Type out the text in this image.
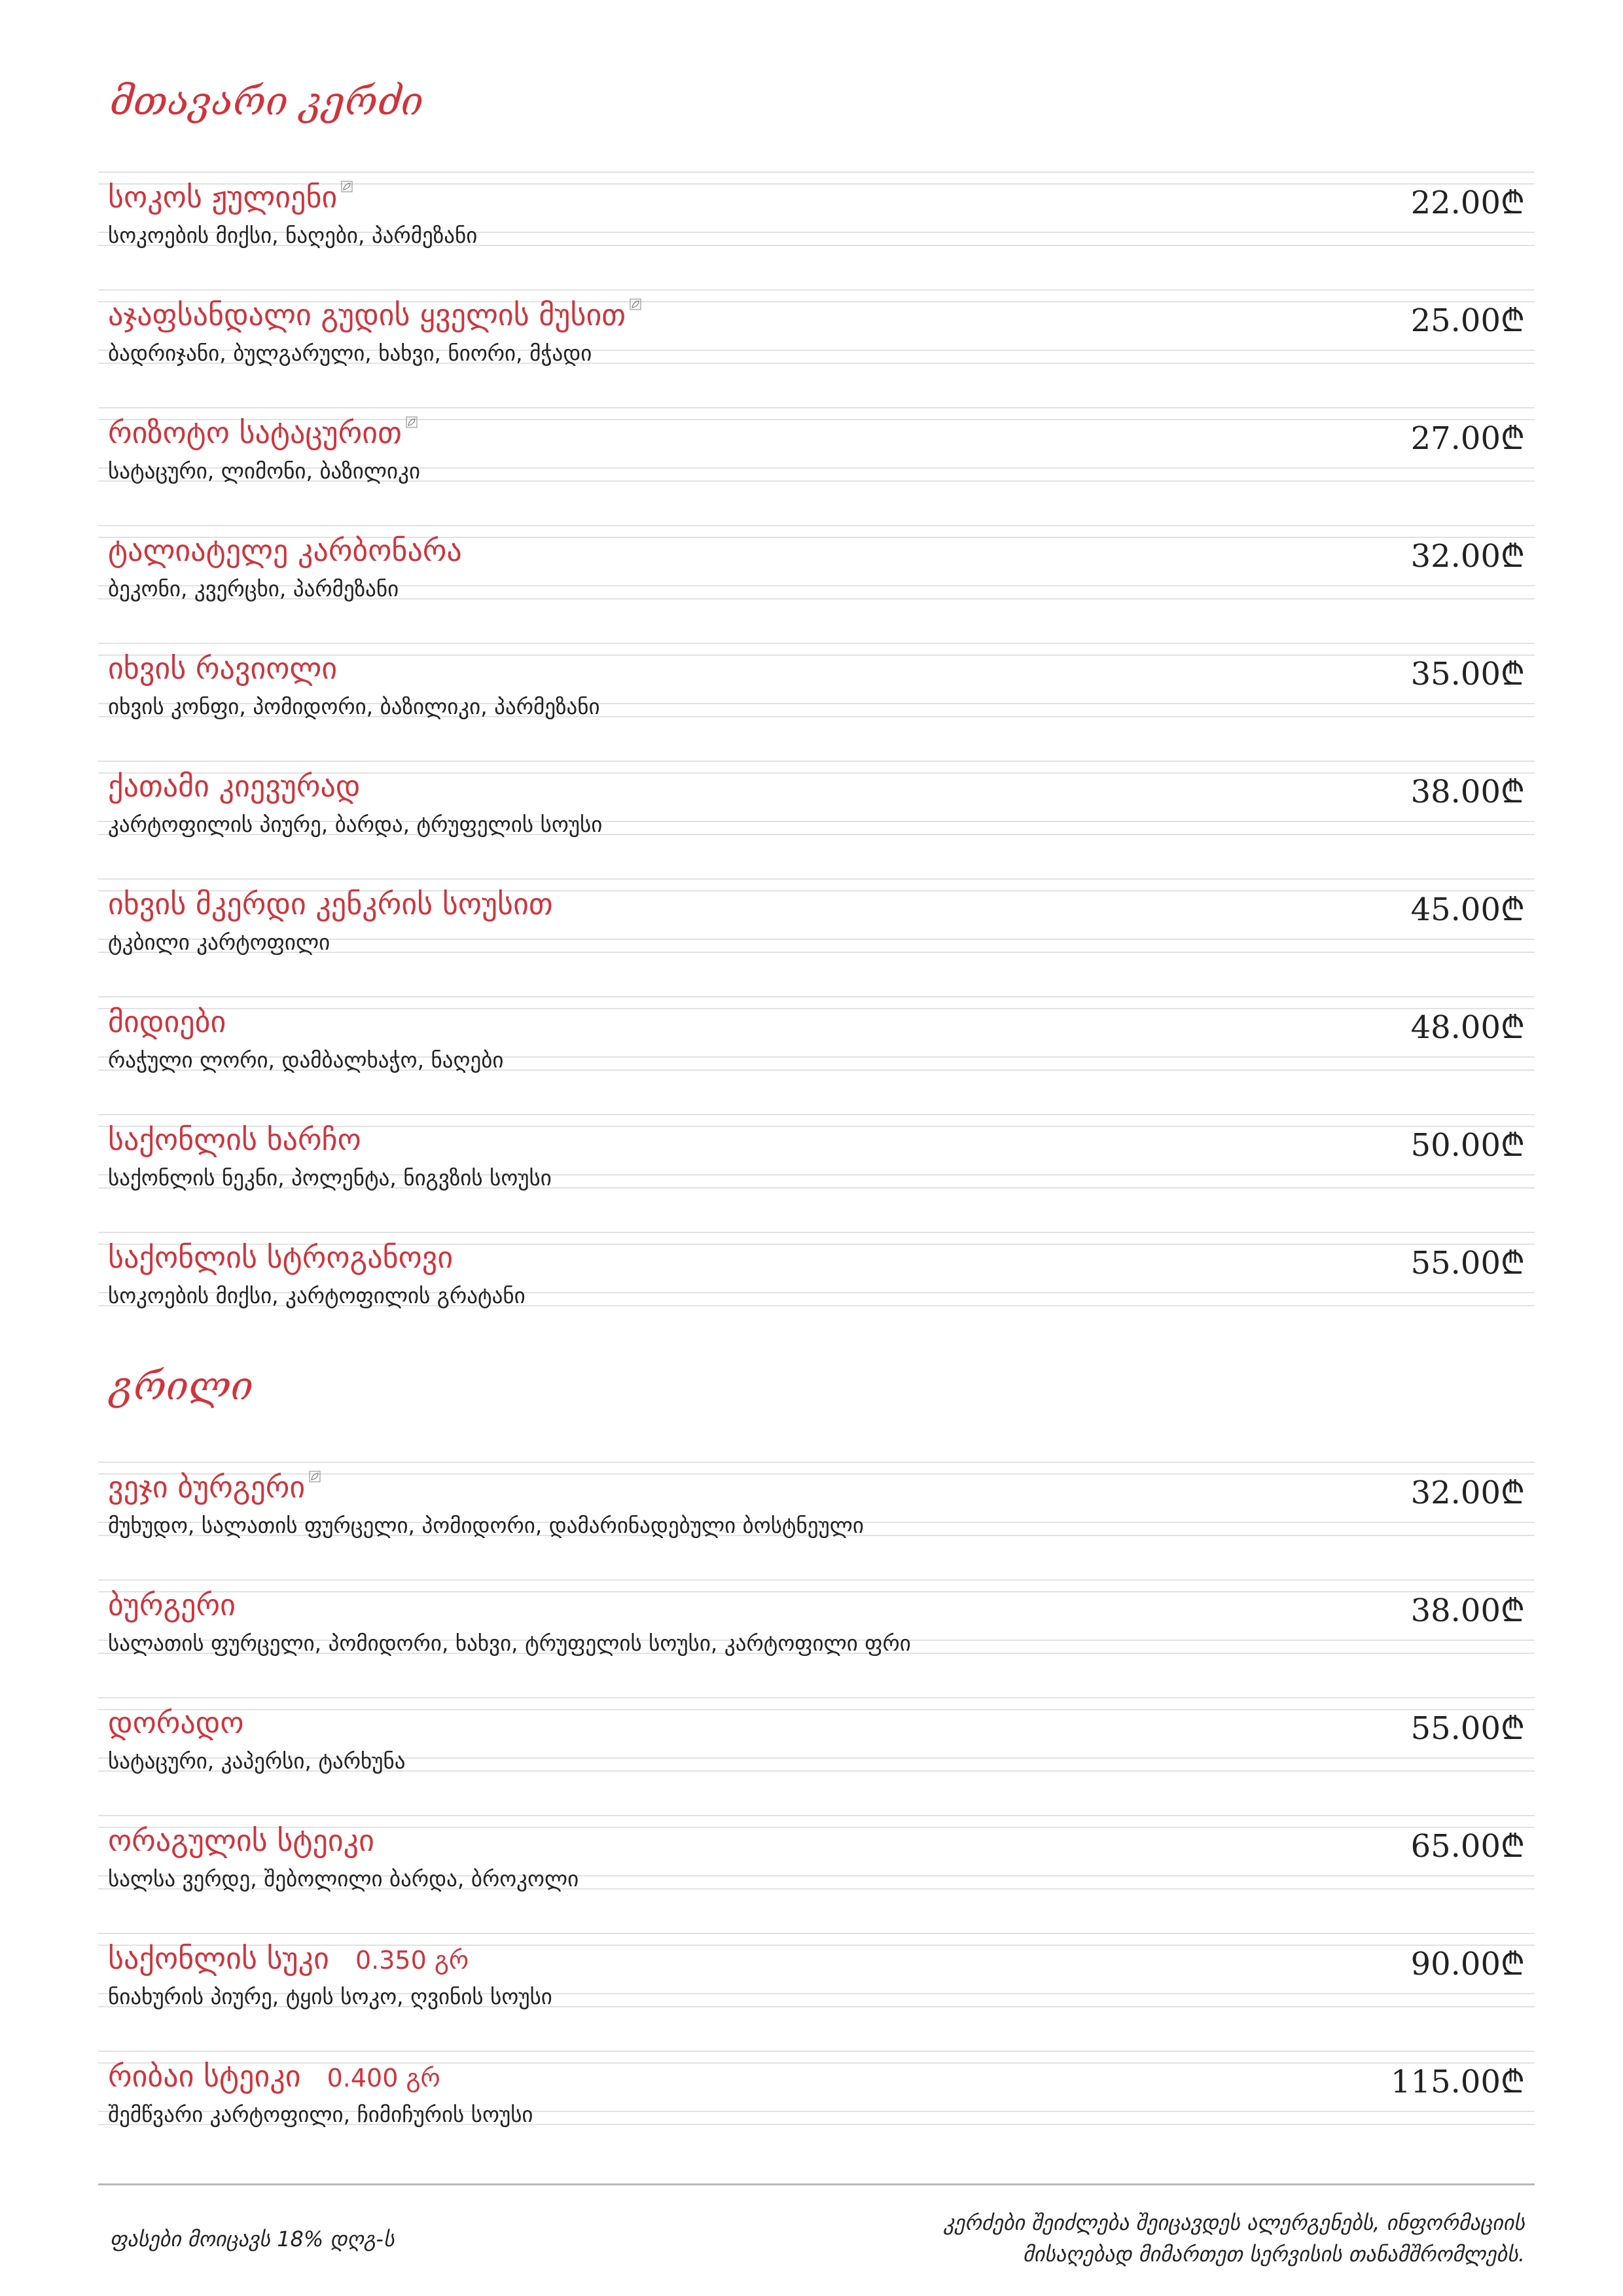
მთავარი კერძი
სოკოს ჟულიენი
სოკოების მიქსი, ნაღები, პარმეზანი
22.00₾
აჯაფსანდალი გუდის ყველის მუსით
ბადრიჯანი, ბულგარული, ხახვი, ნიორი, მჭადი
25.00₾
რიზოტო სატაცურით
სატაცური, ლიმონი, ბაზილიკი
27.00₾
ტალიატელე კარბონარა
ბეკონი, კვერცხი, პარმეზანი
32.00₾
იხვის რავიოლი
იხვის კონფი, პომიდორი, ბაზილიკი, პარმეზანი
35.00₾
ქათამი კიევურად
კარტოფილის პიურე, ბარდა, ტრუფელის სოუსი
38.00₾
იხვის მკერდი კენკრის სოუსით
ტკბილი კარტოფილი
45.00₾
მიდიები
რაჭული ლორი, დამბალხაჭო, ნაღები
48.00₾
საქონლის ხარჩო
საქონლის ნეკნი, პოლენტა, ნიგვზის სოუსი
50.00₾
საქონლის სტროგანოვი
სოკოების მიქსი, კარტოფილის გრატანი
55.00₾
გრილი
ვეჯი ბურგერი
მუხუდო, სალათის ფურცელი, პომიდორი, დამარინადებული ბოსტნეული
32.00₾
ბურგერი
სალათის ფურცელი, პომიდორი, ხახვი, ტრუფელის სოუსი, კარტოფილი ფრი
38.00₾
დორადო
სატაცური, კაპერსი, ტარხუნა
55.00₾
ორაგულის სტეიკი
სალსა ვერდე, შებოლილი ბარდა, ბროკოლი
65.00₾
საქონლის სუკი 0.350 გრ
ნიახურის პიურე, ტყის სოკო, ღვინის სოუსი
90.00₾
რიბაი სტეიკი 0.400 გრ
შემწვარი კარტოფილი, ჩიმიჩურის სოუსი
115.00₾
ფასები მოიცავს 18% დღგ-ს
კერძები შეიძლება შეიცავდეს ალერგენებს, ინფორმაციის
მისაღებად მიმართეთ სერვისის თანამშრომლებს.
